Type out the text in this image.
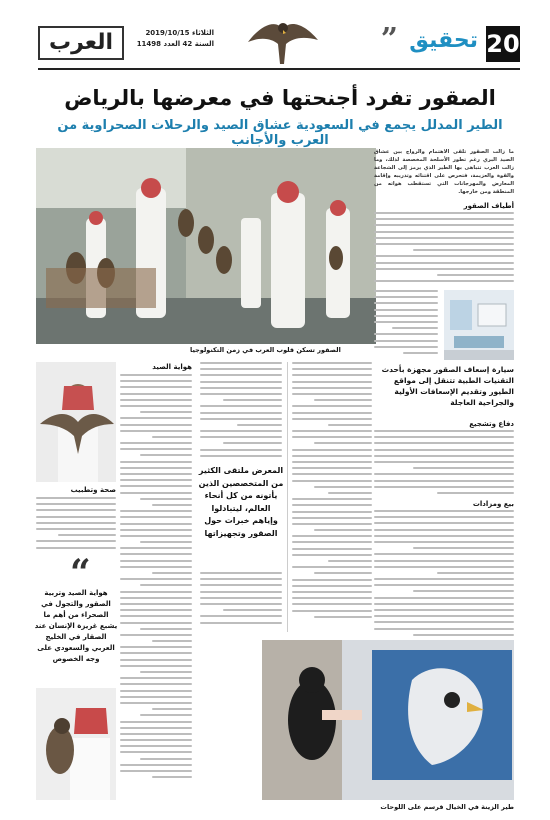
20
تحقيق
”
الثلاثاء 2019/10/15
السنة 42 العدد 11498
العرب
الصقور تفرد أجنحتها في معرضها بالرياض
الطير المدلل يجمع في السعودية عشاق الصيد والرحلات الصحراوية من العرب والأجانب
الصقور تسكن قلوب العرب في زمن التكنولوجيا
ما زالت الصقور تلقى الاهتمام والرواج بين عشاق الصيد البري رغم تطور الأسلحة المخصصة لذلك، وما زالت العرب تتباهى بها الطير الذي يرمز إلى الشجاعة والقوة والعزيمة، فتحرص على اقتنائه وتدريبه وإقامة المعارض والمهرجانات التي تستقطب هواته من المنطقة ومن خارجها.
أطياف الصقور
سيارة إسعاف الصقور مجهزة بأحدث التقنيات الطبية تتنقل إلى مواقع الطيور وتقديم الإسعافات الأولية والجراحية العاجلة
دفاع وتشجيع
بيع ومزادات
طير الزينة في الخيال قرسم على اللوحات
المعرض ملتقى الكثير من المتخصصين الذين يأتونه من كل أنحاء العالم، ليتبادلوا وإياهم خبرات حول الصقور وتجهيزاتها
هواية الصيد
صحة وتطبيب
“
هواية الصيد وتربية الصقور والتجول في الصحراء من أهم ما يشبع غريزة الإنسان عند الصقار في الخليج العربي والسعودي على وجه الخصوص
